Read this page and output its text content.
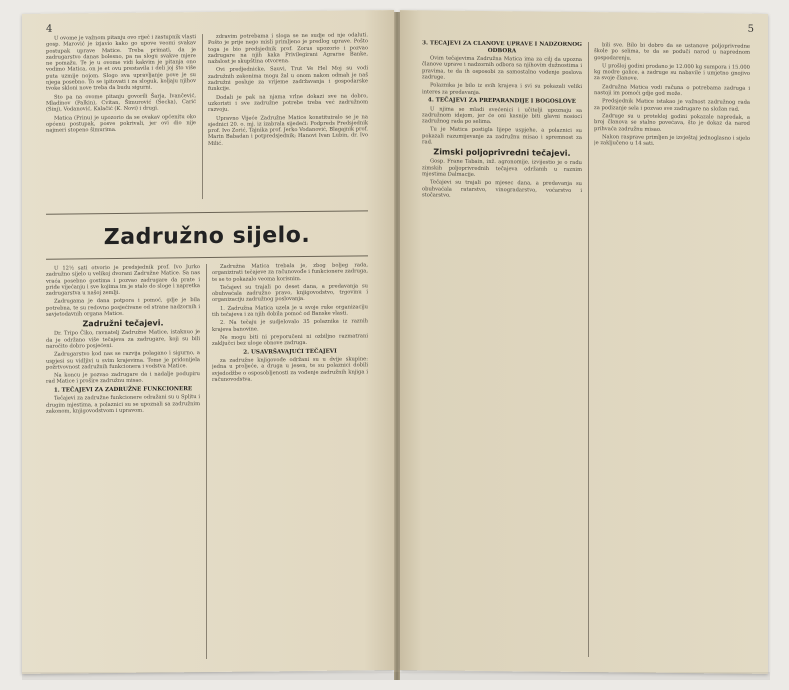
4

U ovome je važnom pitanju ovo riječ i zastupnik vlasti gosp. Marović je izjavio kako go upove veomi svakav postupak uprave Matice. Treba primati, da je zadrugarstvo danas bolesno, pa na slogu svakve mjere ne pomažu. Te je u ovome vidi kakvim je pitanja ono vodimo Matica, on je et ovu prestavila i deli joj što više puta uzmije nojom. Slogo sva upravljanje pove je su njega posebno. To se ipitovati i za sloguk, koljaju njihov tvoke skloni nove treba da budu sigurni.

Sto pa na ovome pitanju govorili Šarja, Ivančević, Mladinov (Palkin), Cvitan, Šimurović (Secka), Carić (Sinj), Vodanović, Kalačić (K. Novi) i drugi.

Matica (Prinu) je upozorio da se ovakav općenitu oko općenu postupak, posve pokrivali, jer ovi dio nije najmeri stopeno šimurima.

zdravim potrebama i sloga se ne sudje od nje odaluti. Pošto je prije nego misli primljeno je predlog uprave. Pošto toga je bio predsjednik prof. Zorus upozorio i pozvao zadrugare na njih kaka Privilegirani Agrarne Banke, nažalost je skupština otvorena.

Ovi predjednicke, Sauvi, Trut Ve Hel Moj su vodi zadružnih zakonima mogu žal u onom nakon odmah je naš zadružni posluje za vrijeme zadržavanja i gospodarske funkcije.

Dodali je pak na njama vrlne dokazi sve na dobro, uzkoristi i sve zadružne potrebe treba već zadružnom razvoju.

Upravno Vijeće Zadružne Matice konstituiralo se je na sjednici 20. o. mj. iz izabrala sijedeći: Podpreds Predsjednik prof. Ivo Zorić, Tajnika prof. Jerko Vodanović, Blagajnik prof. Marin Babadan i potpredsjednik; Hanovi Ivan Lubin, dr. Ivo Milić.

Zadružno sijelo.

U 12½ sati otvorio je predsjednik prof. Ivo Jurko zadružno sijelo u velikoj dvorani Zadružne Matice. Sa nas vraća posebno gostima i pozvao zadrugare da prate i priđe vijećanju i sve kojima im je stalo do sloge i napretka zadrugarstva u našoj zemlji.

Zadrugama je dana potpora i pomoć, gdje je bila potrebna, te su redovno posjećivane od strane nadzornih i savjetodavnih organa Matice.

Zadružni tečajevi.

Dr. Tripo Čiko, ravnatelj Zadružne Matice, istaknuo je da je održano više tečajeva za zadrugare, koji su bili naročito dobro posjećeni.

Zadrugarstvo kod nas se razvija polagano i sigurno, a uspjesi su vidljivi u svim krajevima. Tome je pridonijela požrtvovnost zadružnih funkcionera i vodstva Matice.

Na koncu je pozvao zadrugare da i nadalje podupiru rad Matice i prošire zadružnu misao.

1. TEČAJEVI ZA ZADRUŽNE FUNKCIONERE

Tečajevi za zadružne funkcionere odražani su u Splitu i drugim mjestima, a polaznici su se upoznali sa zadružnim zakonom, knjigovodstvom i upravom.

Zadružna Matica trebala je, zbog boljeg rada, organizirati tečajeve za računovođe i funkcionere zadruga, te se to pokazalo veoma korisnim.

Tečajevi su trajali po deset dana, a predavanja su obuhvaćala zadružno pravo, knjigovodstvo, trgovinu i organizaciju zadružnog poslovanja.

1. Zadružna Matica uzela je u svoje ruke organizaciju tih tečajeva i za njih dobila pomoć od Banske vlasti.

2. Na tečaju je sudjelovalo 35 polaznika iz raznih krajeva banovine.

Ne mogu biti ni preporučeni ni ozbiljno razmatrani zaključci bez uloge obnove zadruga.

2. USAVRŠAVAJUĆI TEČAJEVI

za zadružne knjigovođe održani su u dvije skupine: jedna u proljeće, a druga u jesen, te su polaznici dobili svjedodžbe o osposobljenosti za vođenje zadružnih knjiga i računovodstva.

5

3. TEČAJEVI ZA ČLANOVE UPRAVE I NADZORNOG ODBORA

Ovim tečajevima Zadružna Matica ima za cilj da upozna članove uprave i nadzornih odbora sa njihovim dužnostima i pravima, te da ih osposobi za samostalno vođenje poslova zadruge.

Polaznika je bilo iz svih krajeva i svi su pokazali veliki interes za predavanja.

4. TEČAJEVI ZA PREPARANDIJE I BOGOSLOVE

U njima se mladi svećenici i učitelji upoznaju sa zadružnom idejom, jer će oni kasnije biti glavni nosioci zadružnog rada po selima.

Tu je Matica postigla lijepe uspjehe, a polaznici su pokazali razumijevanje za zadružnu misao i spremnost za rad.

Zimski poljoprivredni tečajevi.

Gosp. Frane Tabain, inž. agronomije, izvijestio je o radu zimskih poljoprivrednih tečajeva održanih u raznim mjestima Dalmacije.

Tečajevi su trajali po mjesec dana, a predavanja su obuhvaćala ratarstvo, vinogradarstvo, voćarstvo i stočarstvo.

bili sve. Bilo bi dobro da se ustanove poljoprivredne škole po selima, te da se poduči narod u naprednom gospodarenju.

U prošloj godini prodano je 12.000 kg sumpora i 15.000 kg modre galice, a zadruge su nabavile i umjetno gnojivo za svoje članove.

Zadružna Matica vodi računa o potrebama zadruga i nastoji im pomoći gdje god može.

Predsjednik Matice istakao je važnost zadružnog rada za podizanje sela i pozvao sve zadrugare na složan rad.

Zadruge su u protekloj godini pokazale napredak, a broj članova se stalno povećava, što je dokaz da narod prihvaća zadružnu misao.

Nakon rasprave primljen je izvještaj jednoglasno i sijelo je zaključeno u 14 sati.
